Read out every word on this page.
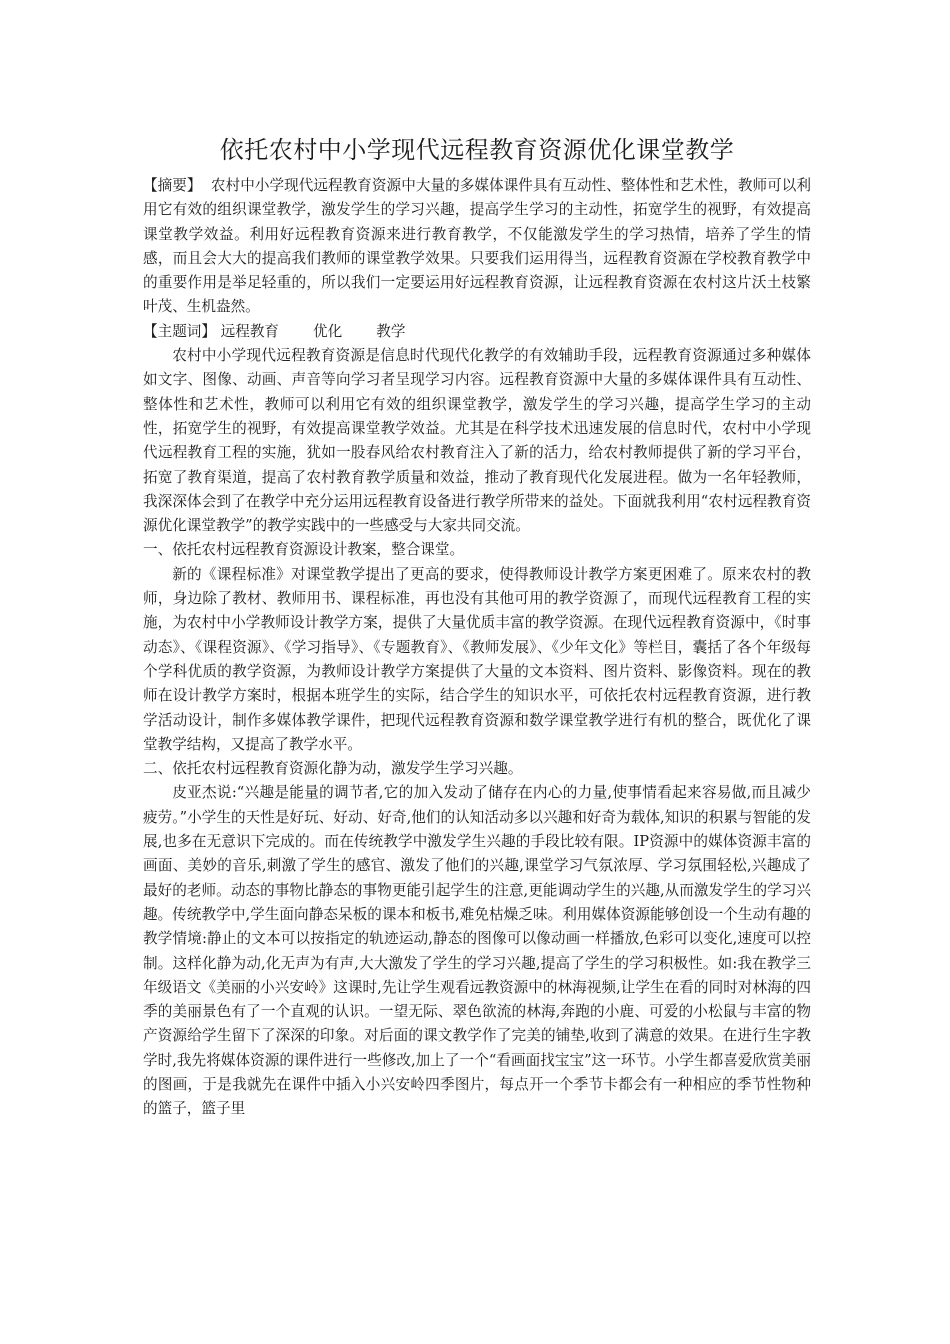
依托农村中小学现代远程教育资源优化课堂教学

【摘要】 农村中小学现代远程教育资源中大量的多媒体课件具有互动性、整体性和艺术性，教师可以利用它有效的组织课堂教学，激发学生的学习兴趣，提高学生学习的主动性，拓宽学生的视野，有效提高课堂教学效益。利用好远程教育资源来进行教育教学，不仅能激发学生的学习热情，培养了学生的情感，而且会大大的提高我们教师的课堂教学效果。只要我们运用得当，远程教育资源在学校教育教学中的重要作用是举足轻重的，所以我们一定要运用好远程教育资源，让远程教育资源在农村这片沃土枝繁叶茂、生机盎然。

【主题词】 远程教育 优化 教学

农村中小学现代远程教育资源是信息时代现代化教学的有效辅助手段，远程教育资源通过多种媒体如文字、图像、动画、声音等向学习者呈现学习内容。远程教育资源中大量的多媒体课件具有互动性、整体性和艺术性，教师可以利用它有效的组织课堂教学，激发学生的学习兴趣，提高学生学习的主动性，拓宽学生的视野，有效提高课堂教学效益。尤其是在科学技术迅速发展的信息时代，农村中小学现代远程教育工程的实施，犹如一股春风给农村教育注入了新的活力，给农村教师提供了新的学习平台，拓宽了教育渠道，提高了农村教育教学质量和效益，推动了教育现代化发展进程。做为一名年轻教师，我深深体会到了在教学中充分运用远程教育设备进行教学所带来的益处。下面就我利用“农村远程教育资源优化课堂教学”的教学实践中的一些感受与大家共同交流。

一、依托农村远程教育资源设计教案，整合课堂。

新的《课程标准》对课堂教学提出了更高的要求，使得教师设计教学方案更困难了。原来农村的教师，身边除了教材、教师用书、课程标准，再也没有其他可用的教学资源了，而现代远程教育工程的实施，为农村中小学教师设计教学方案，提供了大量优质丰富的教学资源。在现代远程教育资源中，《时事动态》、《课程资源》、《学习指导》、《专题教育》、《教师发展》、《少年文化》等栏目，囊括了各个年级每个学科优质的教学资源，为教师设计教学方案提供了大量的文本资料、图片资料、影像资料。现在的教师在设计教学方案时，根据本班学生的实际，结合学生的知识水平，可依托农村远程教育资源，进行教学活动设计，制作多媒体教学课件，把现代远程教育资源和数学课堂教学进行有机的整合，既优化了课堂教学结构，又提高了教学水平。

二、依托农村远程教育资源化静为动，激发学生学习兴趣。

皮亚杰说:“兴趣是能量的调节者,它的加入发动了储存在内心的力量,使事情看起来容易做,而且减少疲劳。”小学生的天性是好玩、好动、好奇,他们的认知活动多以兴趣和好奇为载体,知识的积累与智能的发展,也多在无意识下完成的。而在传统教学中激发学生兴趣的手段比较有限。IP资源中的媒体资源丰富的画面、美妙的音乐,刺激了学生的感官、激发了他们的兴趣,课堂学习气氛浓厚、学习氛围轻松,兴趣成了最好的老师。动态的事物比静态的事物更能引起学生的注意,更能调动学生的兴趣,从而激发学生的学习兴趣。传统教学中,学生面向静态呆板的课本和板书,难免枯燥乏味。利用媒体资源能够创设一个生动有趣的教学情境:静止的文本可以按指定的轨迹运动,静态的图像可以像动画一样播放,色彩可以变化,速度可以控制。这样化静为动,化无声为有声,大大激发了学生的学习兴趣,提高了学生的学习积极性。如:我在教学三年级语文《美丽的小兴安岭》这课时,先让学生观看远教资源中的林海视频,让学生在看的同时对林海的四季的美丽景色有了一个直观的认识。一望无际、翠色欲流的林海,奔跑的小鹿、可爱的小松鼠与丰富的物产资源给学生留下了深深的印象。对后面的课文教学作了完美的铺垫,收到了满意的效果。在进行生字教学时,我先将媒体资源的课件进行一些修改,加上了一个“看画面找宝宝”这一环节。小学生都喜爱欣赏美丽的图画，于是我就先在课件中插入小兴安岭四季图片，每点开一个季节卡都会有一种相应的季节性物种的篮子，篮子里
